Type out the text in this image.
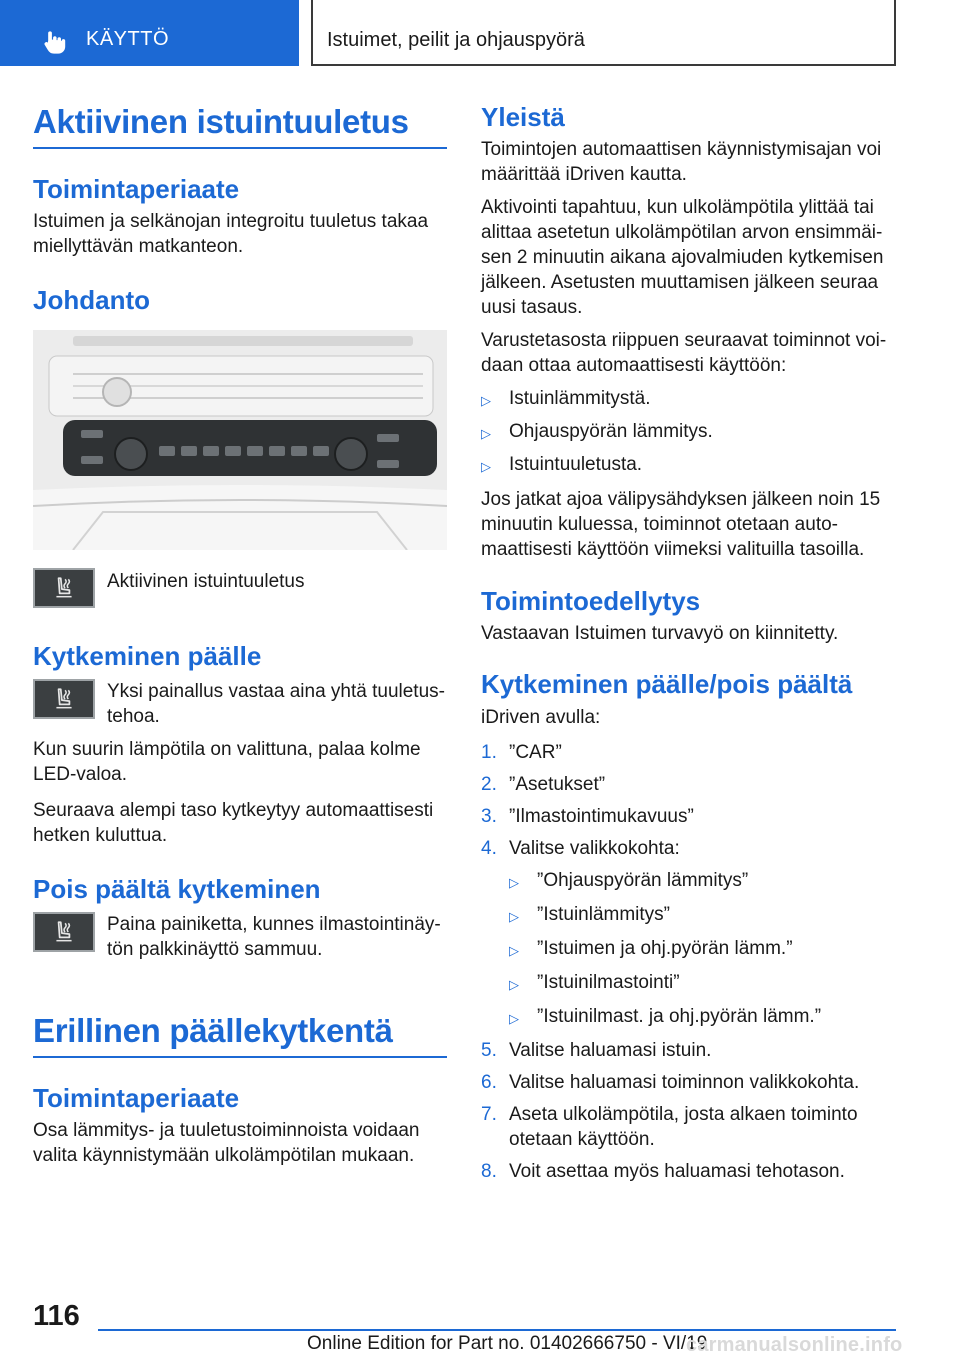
KÄYTTÖ	Istuimet, peilit ja ohjauspyörä
Aktiivinen istuintuuletus
Toimintaperiaate

Istuimen ja selkänojan integroitu tuuletus takaa miellyttävän matkanteon.

Johdanto

Aktiivinen istuintuuletus

Kytkeminen päälle

Yksi painallus vastaa aina yhtä tuuletustehoa.

Kun suurin lämpötila on valittuna, palaa kolme LED-valoa.

Seuraava alempi taso kytkeytyy automaattisesti hetken kuluttua.

Pois päältä kytkeminen

Paina painiketta, kunnes ilmastointinäytön palkkinäyttö sammuu.

Erillinen päällekytkentä
Toimintaperiaate

Osa lämmitys- ja tuuletustoiminnoista voidaan valita käynnistymään ulkolämpötilan mukaan.

Yleistä

Toimintojen automaattisen käynnistymisajan voi määrittää iDriven kautta.

Aktivointi tapahtuu, kun ulkolämpötila ylittää tai alittaa asetetun ulkolämpötilan arvon ensimmäisen 2 minuutin aikana ajovalmiuden kytkemisen jälkeen. Asetusten muuttamisen jälkeen seuraa uusi tasaus.

Varustetasosta riippuen seuraavat toiminnot voidaan ottaa automaattisesti käyttöön:

▷ Istuinlämmitystä.
▷ Ohjauspyörän lämmitys.
▷ Istuintuuletusta.

Jos jatkat ajoa välipysähdyksen jälkeen noin 15 minuutin kuluessa, toiminnot otetaan automaattisesti käyttöön viimeksi valituilla tasoilla.

Toimintoedellytys

Vastaavan Istuimen turvavyö on kiinnitetty.

Kytkeminen päälle/pois päältä

iDriven avulla:

1. ”CAR”
2. ”Asetukset”
3. ”Ilmastointimukavuus”
4. Valitse valikkokohta:
▷ ”Ohjauspyörän lämmitys”
▷ ”Istuinlämmitys”
▷ ”Istuimen ja ohj.pyörän lämm.”
▷ ”Istuinilmastointi”
▷ ”Istuinilmast. ja ohj.pyörän lämm.”
5. Valitse haluamasi istuin.
6. Valitse haluamasi toiminnon valikkokohta.
7. Aseta ulkolämpötila, josta alkaen toiminto otetaan käyttöön.
8. Voit asettaa myös haluamasi tehotason.
116
Online Edition for Part no. 01402666750 - VI/19
carmanualsonline.info
